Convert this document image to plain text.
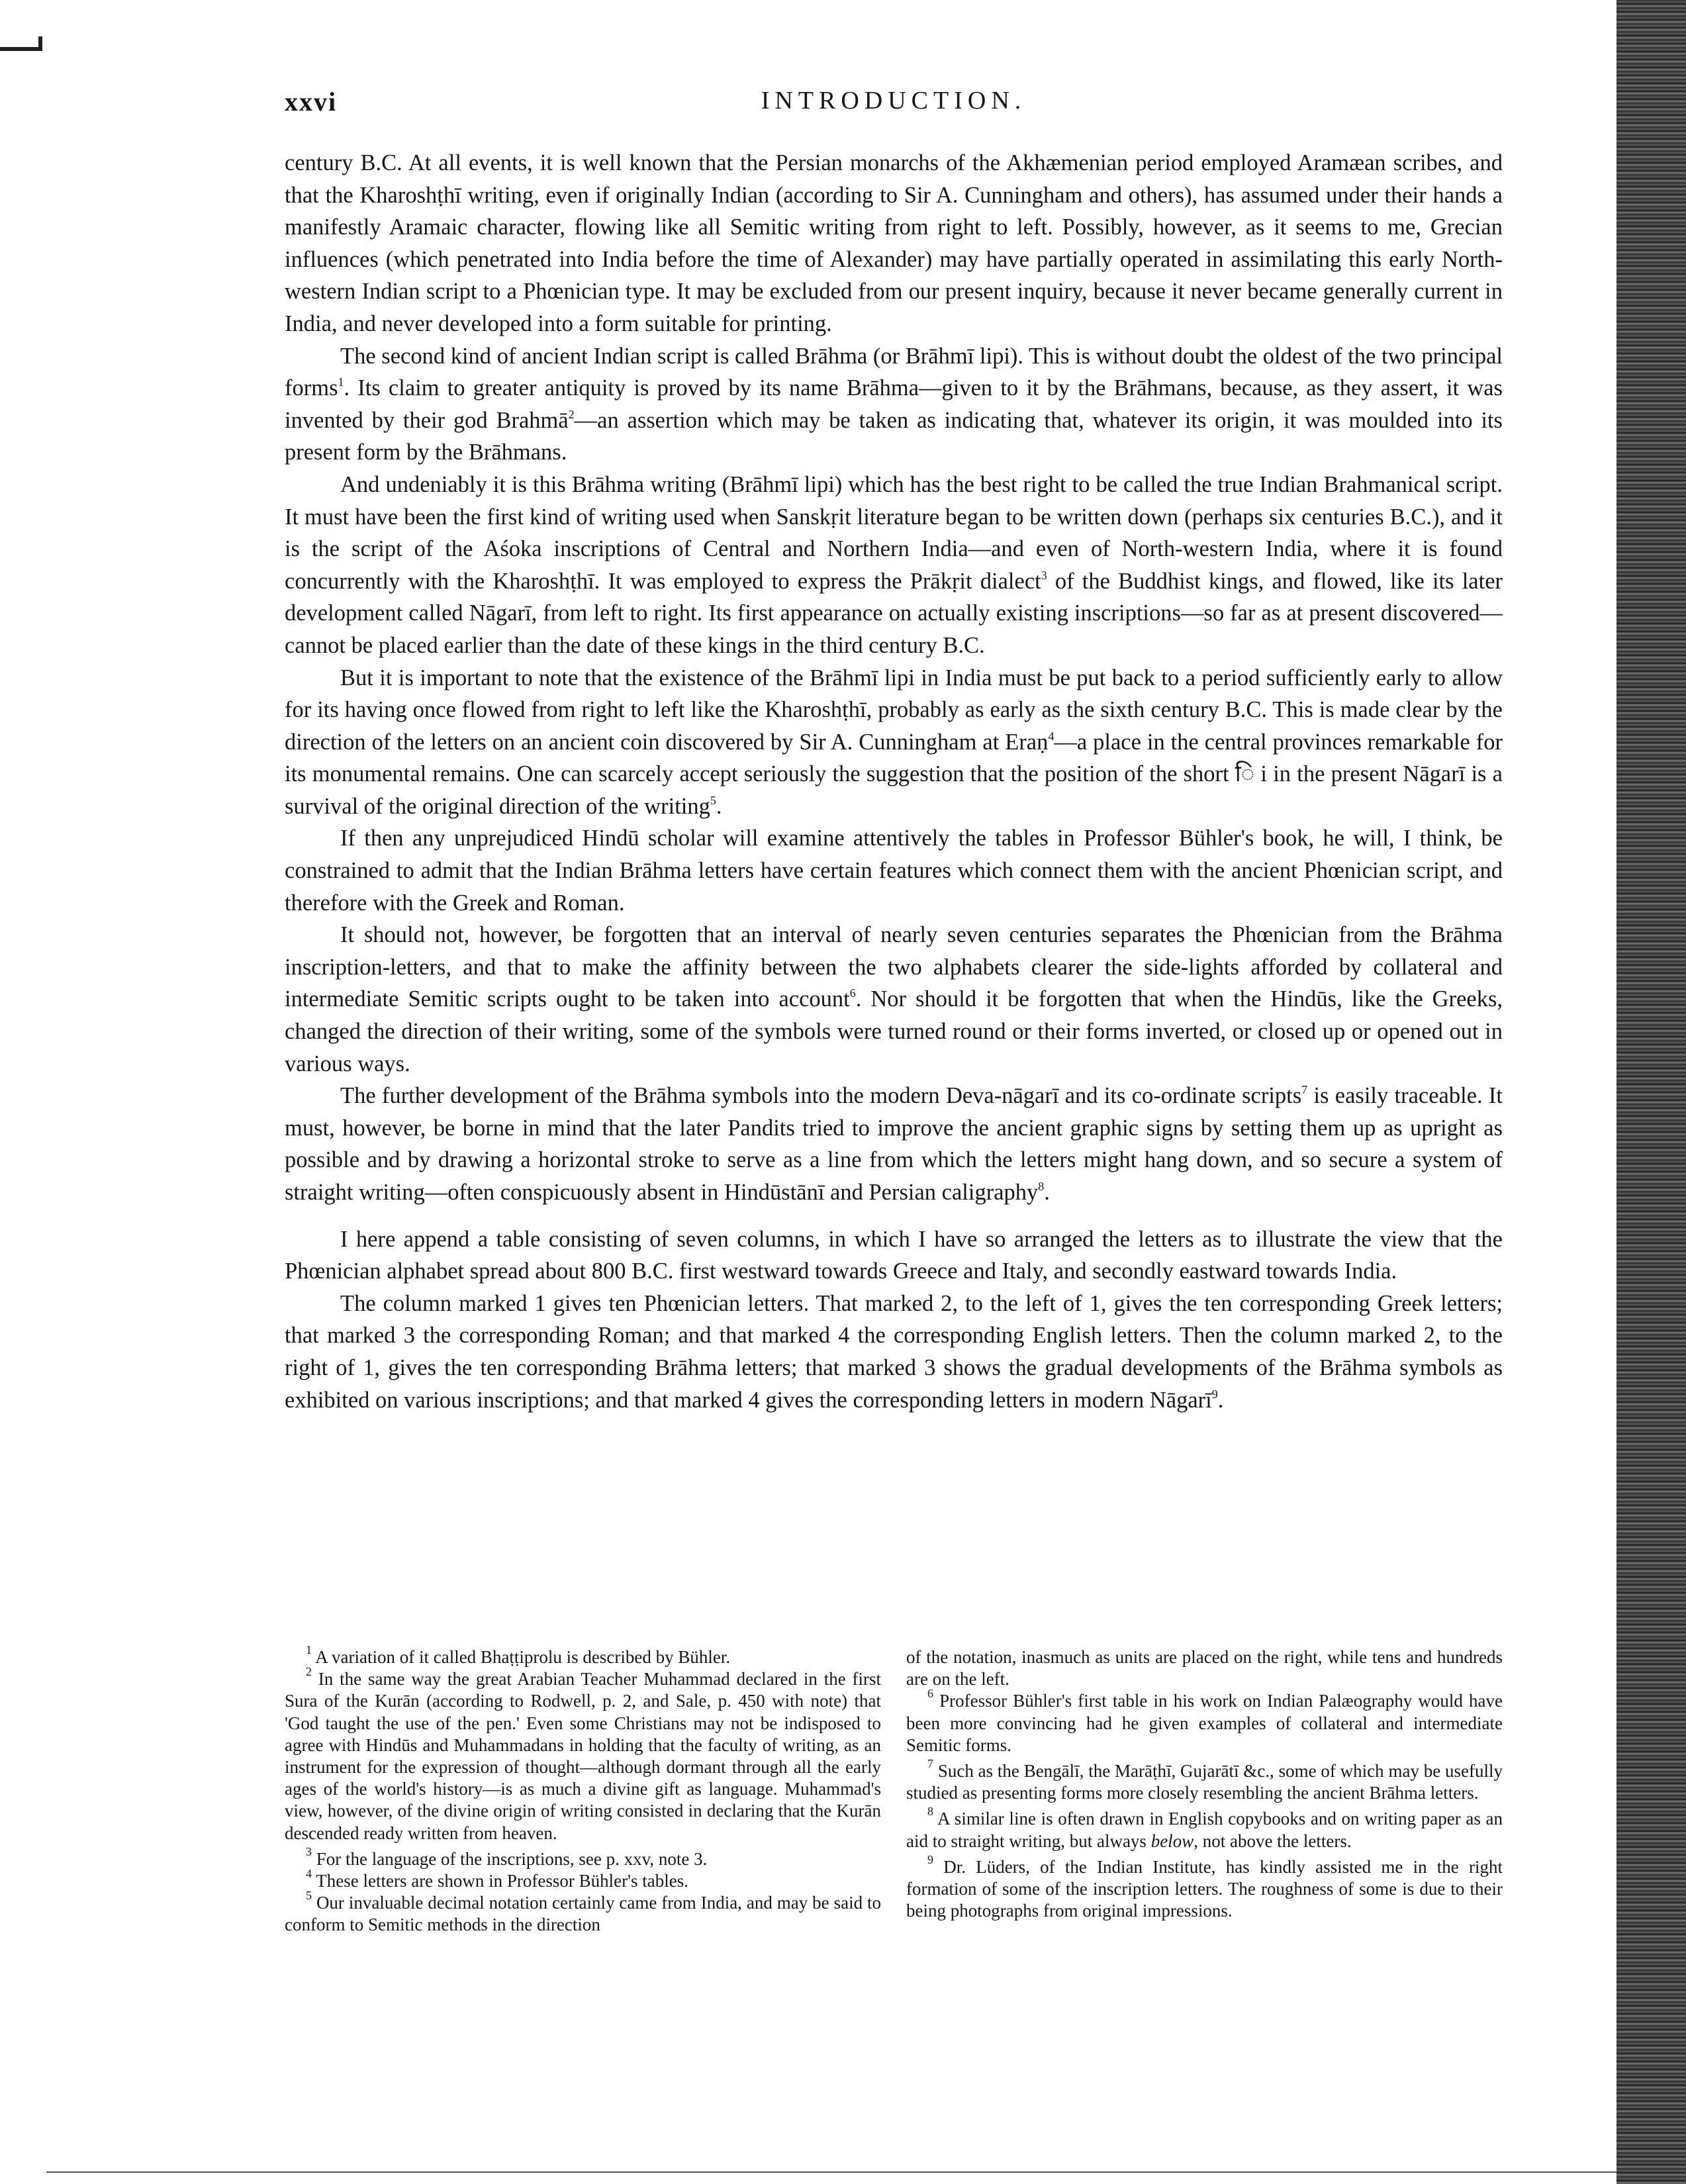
xxvi	INTRODUCTION.

century B.C. At all events, it is well known that the Persian monarchs of the Akhæmenian period employed Aramæan scribes, and that the Kharoshṭhī writing, even if originally Indian (according to Sir A. Cunningham and others), has assumed under their hands a manifestly Aramaic character, flowing like all Semitic writing from right to left. Possibly, however, as it seems to me, Grecian influences (which penetrated into India before the time of Alexander) may have partially operated in assimilating this early North-western Indian script to a Phœnician type. It may be excluded from our present inquiry, because it never became generally current in India, and never developed into a form suitable for printing.

The second kind of ancient Indian script is called Brāhma (or Brāhmī lipi). This is without doubt the oldest of the two principal forms$^1$. Its claim to greater antiquity is proved by its name Brāhma—given to it by the Brāhmans, because, as they assert, it was invented by their god Brahmā$^2$—an assertion which may be taken as indicating that, whatever its origin, it was moulded into its present form by the Brāhmans.

And undeniably it is this Brāhma writing (Brāhmī lipi) which has the best right to be called the true Indian Brahmanical script. It must have been the first kind of writing used when Sanskṛit literature began to be written down (perhaps six centuries B.C.), and it is the script of the Aśoka inscriptions of Central and Northern India—and even of North-western India, where it is found concurrently with the Kharoshṭhī. It was employed to express the Prākṛit dialect$^3$ of the Buddhist kings, and flowed, like its later development called Nāgarī, from left to right. Its first appearance on actually existing inscriptions—so far as at present discovered—cannot be placed earlier than the date of these kings in the third century B.C.

But it is important to note that the existence of the Brāhmī lipi in India must be put back to a period sufficiently early to allow for its having once flowed from right to left like the Kharoshṭhī, probably as early as the sixth century B.C. This is made clear by the direction of the letters on an ancient coin discovered by Sir A. Cunningham at Eraṇ$^4$—a place in the central provinces remarkable for its monumental remains. One can scarcely accept seriously the suggestion that the position of the short ि i in the present Nāgarī is a survival of the original direction of the writing$^5$.

If then any unprejudiced Hindū scholar will examine attentively the tables in Professor Bühler's book, he will, I think, be constrained to admit that the Indian Brāhma letters have certain features which connect them with the ancient Phœnician script, and therefore with the Greek and Roman.

It should not, however, be forgotten that an interval of nearly seven centuries separates the Phœnician from the Brāhma inscription-letters, and that to make the affinity between the two alphabets clearer the side-lights afforded by collateral and intermediate Semitic scripts ought to be taken into account$^6$. Nor should it be forgotten that when the Hindūs, like the Greeks, changed the direction of their writing, some of the symbols were turned round or their forms inverted, or closed up or opened out in various ways.

The further development of the Brāhma symbols into the modern Deva-nāgarī and its co-ordinate scripts$^7$ is easily traceable. It must, however, be borne in mind that the later Pandits tried to improve the ancient graphic signs by setting them up as upright as possible and by drawing a horizontal stroke to serve as a line from which the letters might hang down, and so secure a system of straight writing—often conspicuously absent in Hindūstānī and Persian caligraphy$^8$.

I here append a table consisting of seven columns, in which I have so arranged the letters as to illustrate the view that the Phœnician alphabet spread about 800 B.C. first westward towards Greece and Italy, and secondly eastward towards India.

The column marked 1 gives ten Phœnician letters. That marked 2, to the left of 1, gives the ten corresponding Greek letters; that marked 3 the corresponding Roman; and that marked 4 the corresponding English letters. Then the column marked 2, to the right of 1, gives the ten corresponding Brāhma letters; that marked 3 shows the gradual developments of the Brāhma symbols as exhibited on various inscriptions; and that marked 4 gives the corresponding letters in modern Nāgarī$^9$.

$^1$ A variation of it called Bhaṭṭiprolu is described by Bühler.

$^2$ In the same way the great Arabian Teacher Muhammad declared in the first Sura of the Kurān (according to Rodwell, p. 2, and Sale, p. 450 with note) that 'God taught the use of the pen.' Even some Christians may not be indisposed to agree with Hindūs and Muhammadans in holding that the faculty of writing, as an instrument for the expression of thought—although dormant through all the early ages of the world's history—is as much a divine gift as language. Muhammad's view, however, of the divine origin of writing consisted in declaring that the Kurān descended ready written from heaven.

$^3$ For the language of the inscriptions, see p. xxv, note 3.

$^4$ These letters are shown in Professor Bühler's tables.

$^5$ Our invaluable decimal notation certainly came from India, and may be said to conform to Semitic methods in the direction

of the notation, inasmuch as units are placed on the right, while tens and hundreds are on the left.

$^6$ Professor Bühler's first table in his work on Indian Palæography would have been more convincing had he given examples of collateral and intermediate Semitic forms.

$^7$ Such as the Bengālī, the Marāṭhī, Gujarātī &c., some of which may be usefully studied as presenting forms more closely resembling the ancient Brāhma letters.

$^8$ A similar line is often drawn in English copybooks and on writing paper as an aid to straight writing, but always below, not above the letters.

$^9$ Dr. Lüders, of the Indian Institute, has kindly assisted me in the right formation of some of the inscription letters. The roughness of some is due to their being photographs from original impressions.
